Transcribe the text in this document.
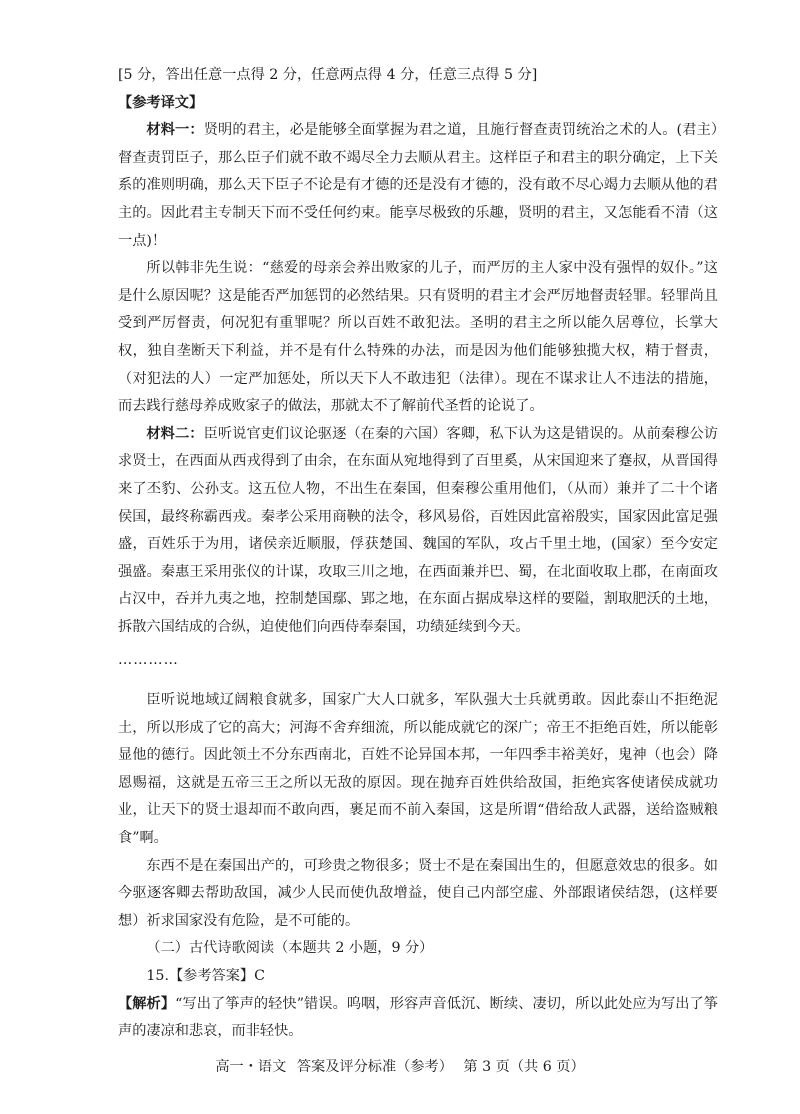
[5 分，答出任意一点得 2 分，任意两点得 4 分，任意三点得 5 分]

【参考译文】

材料一：贤明的君主，必是能够全面掌握为君之道，且施行督查责罚统治之术的人。(君主）督查责罚臣子，那么臣子们就不敢不竭尽全力去顺从君主。这样臣子和君主的职分确定，上下关系的准则明确，那么天下臣子不论是有才德的还是没有才德的，没有敢不尽心竭力去顺从他的君主的。因此君主专制天下而不受任何约束。能享尽极致的乐趣，贤明的君主，又怎能看不清（这一点)！

所以韩非先生说：“慈爱的母亲会养出败家的儿子，而严厉的主人家中没有强悍的奴仆。”这是什么原因呢？这是能否严加惩罚的必然结果。只有贤明的君主才会严厉地督责轻罪。轻罪尚且受到严厉督责，何况犯有重罪呢？所以百姓不敢犯法。圣明的君主之所以能久居尊位，长掌大权，独自垄断天下利益，并不是有什么特殊的办法，而是因为他们能够独揽大权，精于督责，（对犯法的人）一定严加惩处，所以天下人不敢违犯（法律）。现在不谋求让人不违法的措施，而去践行慈母养成败家子的做法，那就太不了解前代圣哲的论说了。

材料二：臣听说官吏们议论驱逐（在秦的六国）客卿，私下认为这是错误的。从前秦穆公访求贤士，在西面从西戎得到了由余，在东面从宛地得到了百里奚，从宋国迎来了蹇叔，从晋国得来了丕豹、公孙支。这五位人物，不出生在秦国，但秦穆公重用他们，（从而）兼并了二十个诸侯国，最终称霸西戎。秦孝公采用商鞅的法令，移风易俗，百姓因此富裕殷实，国家因此富足强盛，百姓乐于为用，诸侯亲近顺服，俘获楚国、魏国的军队，攻占千里土地，(国家）至今安定强盛。秦惠王采用张仪的计谋，攻取三川之地，在西面兼并巴、蜀，在北面收取上郡，在南面攻占汉中，吞并九夷之地，控制楚国鄢、郢之地，在东面占据成皋这样的要隘，割取肥沃的土地，拆散六国结成的合纵，迫使他们向西侍奉秦国，功绩延续到今天。

…………

臣听说地域辽阔粮食就多，国家广大人口就多，军队强大士兵就勇敢。因此泰山不拒绝泥土，所以形成了它的高大；河海不舍弃细流，所以能成就它的深广；帝王不拒绝百姓，所以能彰显他的德行。因此领土不分东西南北，百姓不论异国本邦，一年四季丰裕美好，鬼神（也会）降恩赐福，这就是五帝三王之所以无敌的原因。现在抛弃百姓供给敌国，拒绝宾客使诸侯成就功业，让天下的贤士退却而不敢向西，裹足而不前入秦国，这是所谓“借给敌人武器，送给盗贼粮食”啊。

东西不是在秦国出产的，可珍贵之物很多；贤士不是在秦国出生的，但愿意效忠的很多。如今驱逐客卿去帮助敌国，减少人民而使仇敌增益，使自己内部空虚、外部跟诸侯结怨，(这样要想）祈求国家没有危险，是不可能的。

（二）古代诗歌阅读（本题共 2 小题，9 分）

15.【参考答案】C

【解析】“写出了筝声的轻快”错误。呜咽，形容声音低沉、断续、凄切，所以此处应为写出了筝声的凄凉和悲哀，而非轻快。

高一・语文 答案及评分标准（参考） 第 3 页（共 6 页）
